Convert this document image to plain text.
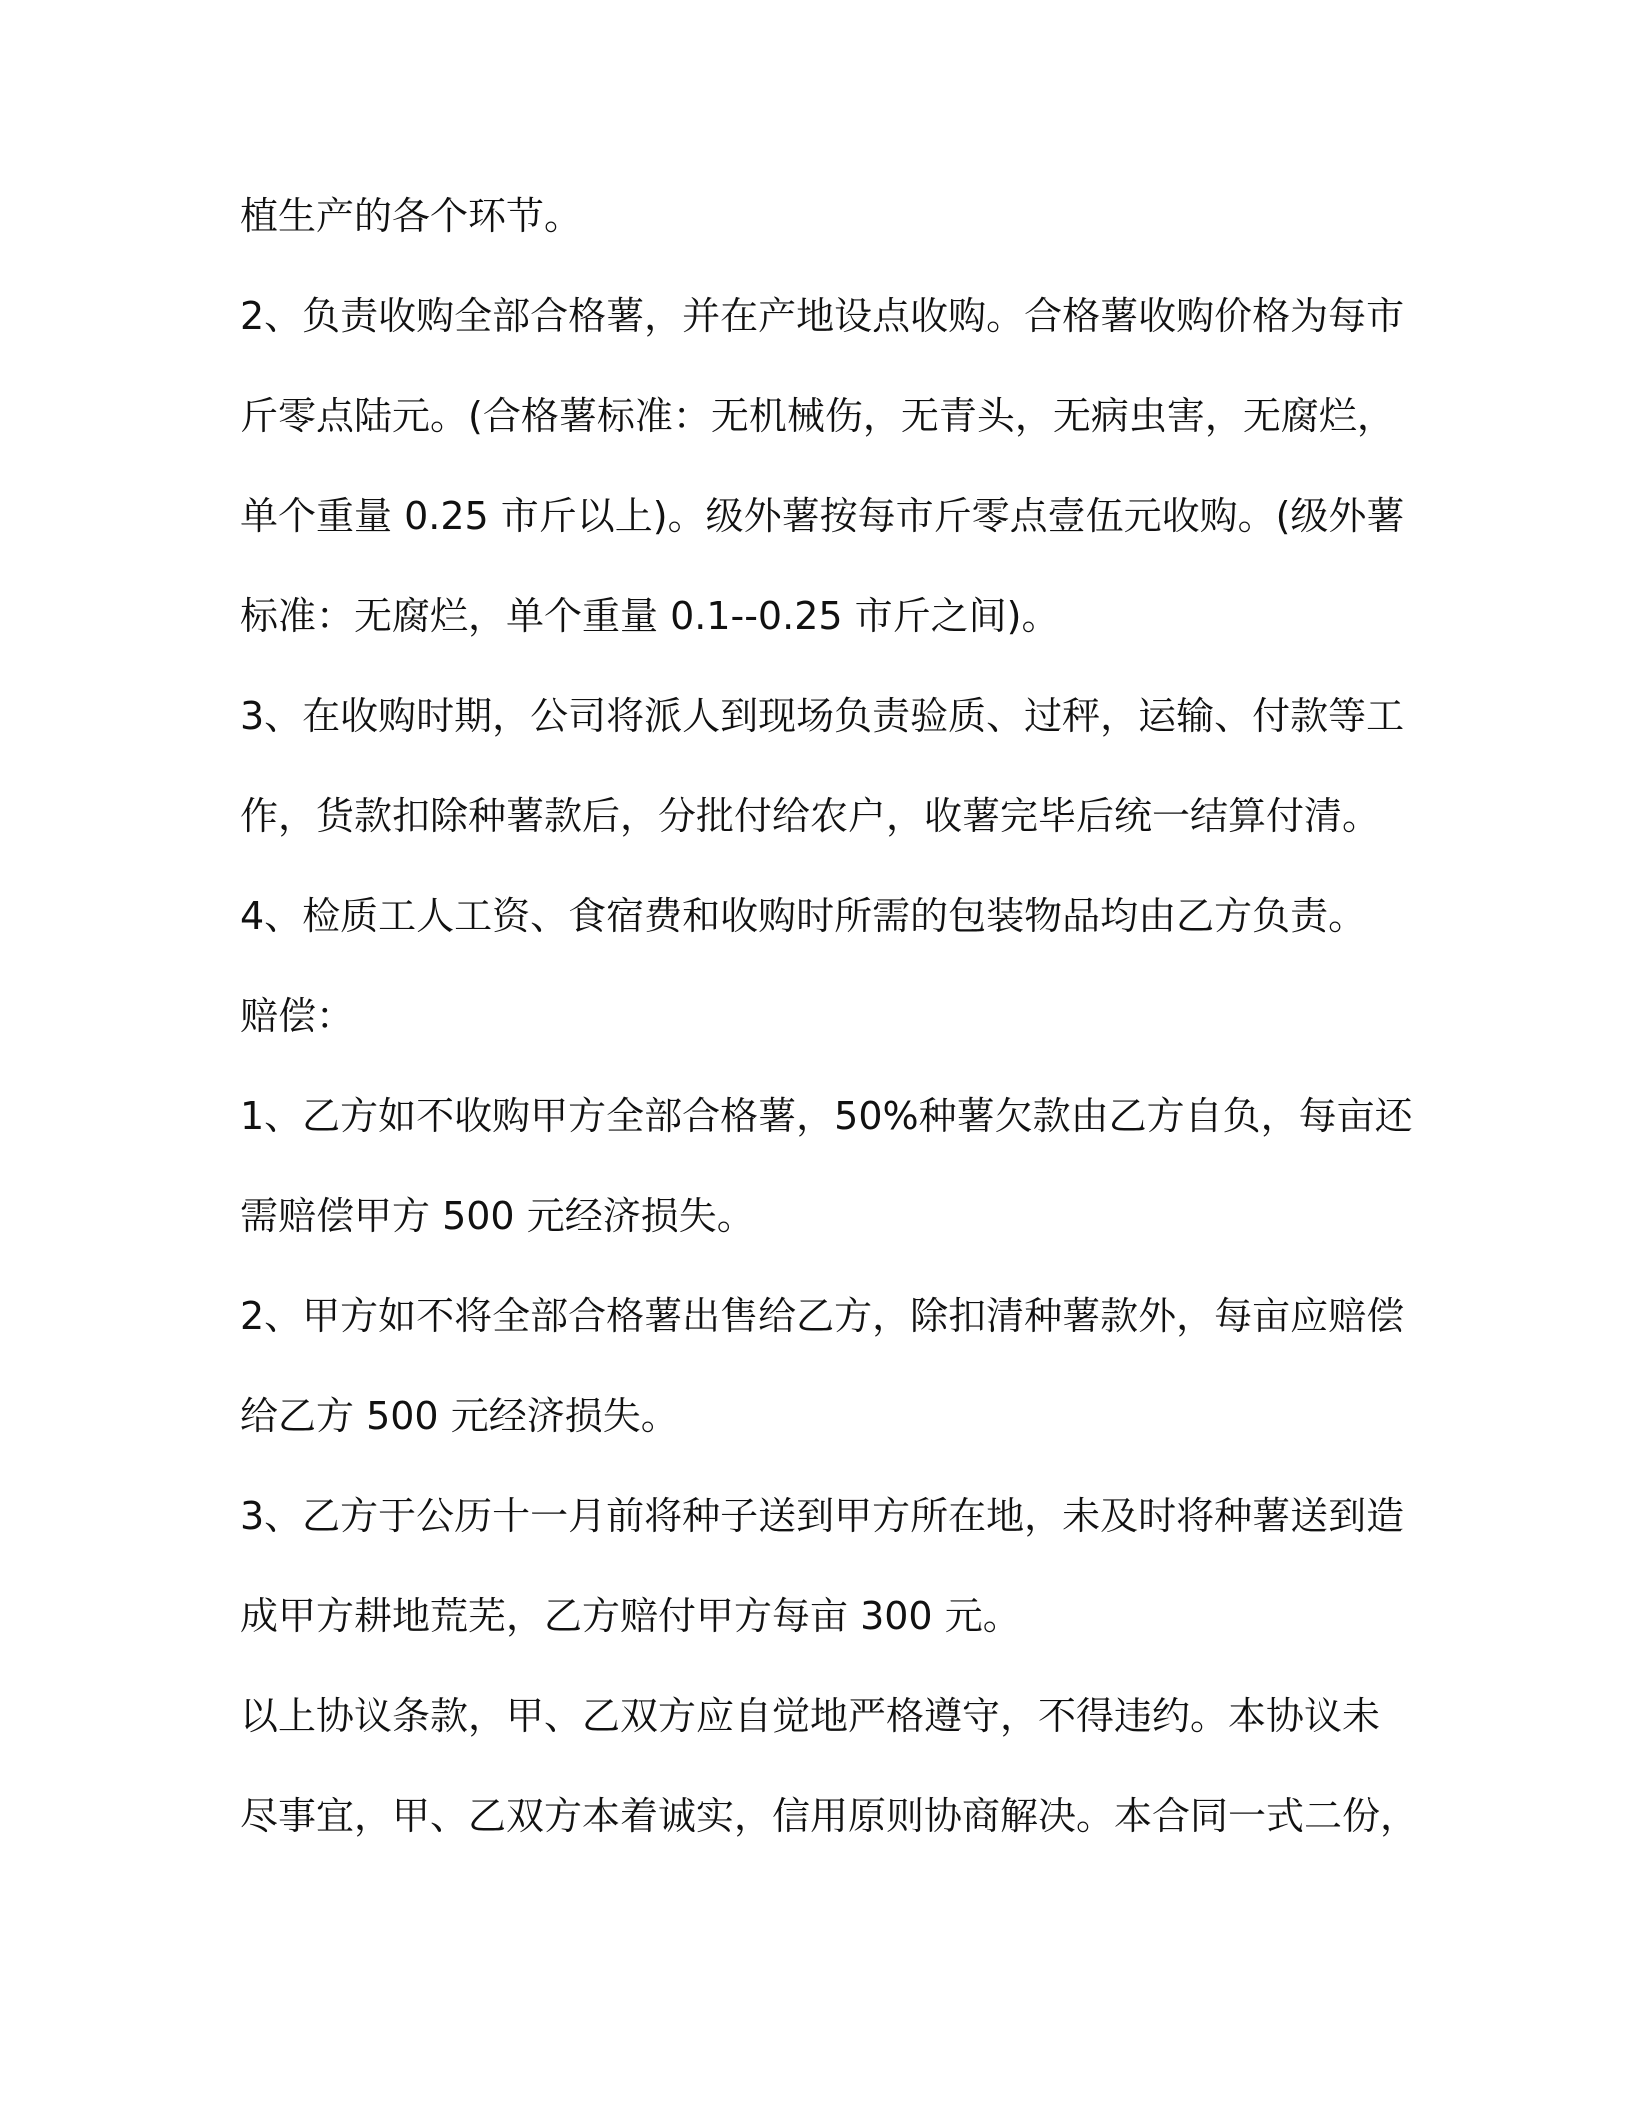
植生产的各个环节。
2、负责收购全部合格薯，并在产地设点收购。合格薯收购价格为每市
斤零点陆元。(合格薯标准：无机械伤，无青头，无病虫害，无腐烂，
单个重量 0.25 市斤以上)。级外薯按每市斤零点壹伍元收购。(级外薯
标准：无腐烂，单个重量 0.1--0.25 市斤之间)。
3、在收购时期，公司将派人到现场负责验质、过秤，运输、付款等工
作，货款扣除种薯款后，分批付给农户，收薯完毕后统一结算付清。
4、检质工人工资、食宿费和收购时所需的包装物品均由乙方负责。
赔偿：
1、乙方如不收购甲方全部合格薯，50%种薯欠款由乙方自负，每亩还
需赔偿甲方 500 元经济损失。
2、甲方如不将全部合格薯出售给乙方，除扣清种薯款外，每亩应赔偿
给乙方 500 元经济损失。
3、乙方于公历十一月前将种子送到甲方所在地，未及时将种薯送到造
成甲方耕地荒芜，乙方赔付甲方每亩 300 元。
以上协议条款，甲、乙双方应自觉地严格遵守，不得违约。本协议未
尽事宜，甲、乙双方本着诚实，信用原则协商解决。本合同一式二份，
